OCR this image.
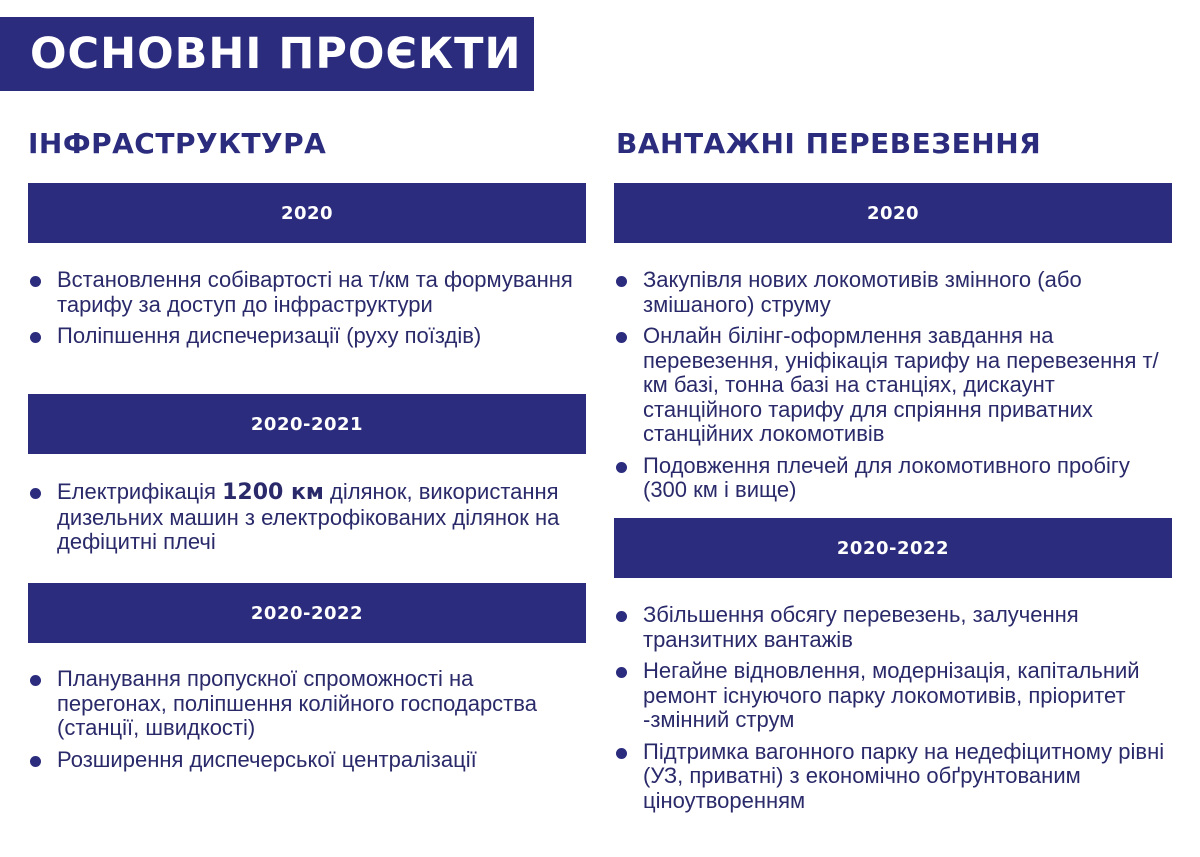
ОСНОВНІ ПРОЄКТИ
ІНФРАСТРУКТУРА
2020
Встановлення собівартості на т/км та формування тарифу за доступ до інфраструктури
Поліпшення диспечеризації (руху поїздів)
2020-2021
Електрифікація 1200 км ділянок, використання дизельних машин з електрофікованих ділянок на дефіцитні плечі
2020-2022
Планування пропускної спроможності на перегонах, поліпшення колійного господарства (станції, швидкості)
Розширення диспечерської централізації
ВАНТАЖНІ ПЕРЕВЕЗЕННЯ
2020
Закупівля нових локомотивів змінного (або змішаного) струму
Онлайн білінг-оформлення завдання на перевезення, уніфікація тарифу на перевезення т/км базі, тонна базі на станціях, дискаунт станційного тарифу для спріяння приватних станційних локомотивів
Подовження плечей для локомотивного пробігу (300 км і вище)
2020-2022
Збільшення обсягу перевезень, залучення транзитних вантажів
Негайне відновлення, модернізація, капітальний ремонт існуючого парку локомотивів, пріоритет -змінний струм
Підтримка вагонного парку на недефіцитному рівні (УЗ, приватні) з економічно обґрунтованим ціноутворенням
